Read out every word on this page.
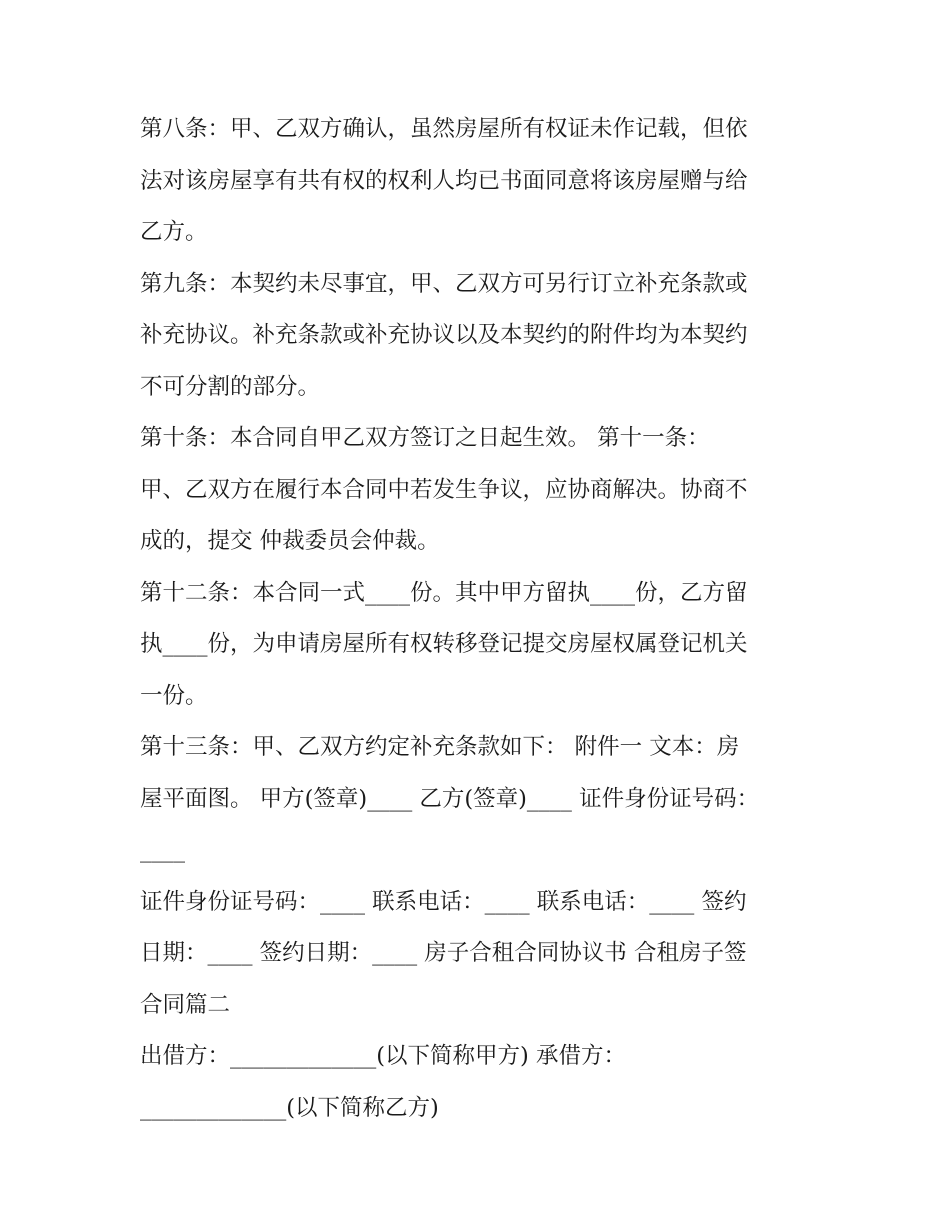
第八条：甲、乙双方确认，虽然房屋所有权证未作记载，但依
法对该房屋享有共有权的权利人均已书面同意将该房屋赠与给
乙方。
第九条：本契约未尽事宜，甲、乙双方可另行订立补充条款或
补充协议。补充条款或补充协议以及本契约的附件均为本契约
不可分割的部分。
第十条：本合同自甲乙双方签订之日起生效。 第十一条：
甲、乙双方在履行本合同中若发生争议，应协商解决。协商不
成的，提交 仲裁委员会仲裁。
第十二条：本合同一式____份。其中甲方留执____份，乙方留
执____份，为申请房屋所有权转移登记提交房屋权属登记机关
一份。
第十三条：甲、乙双方约定补充条款如下： 附件一 文本：房
屋平面图。 甲方(签章)____ 乙方(签章)____ 证件身份证号码：
____
证件身份证号码：____ 联系电话：____ 联系电话：____ 签约
日期：____ 签约日期：____ 房子合租合同协议书 合租房子签
合同篇二
出借方：_____________(以下简称甲方) 承借方：
_____________(以下简称乙方)
